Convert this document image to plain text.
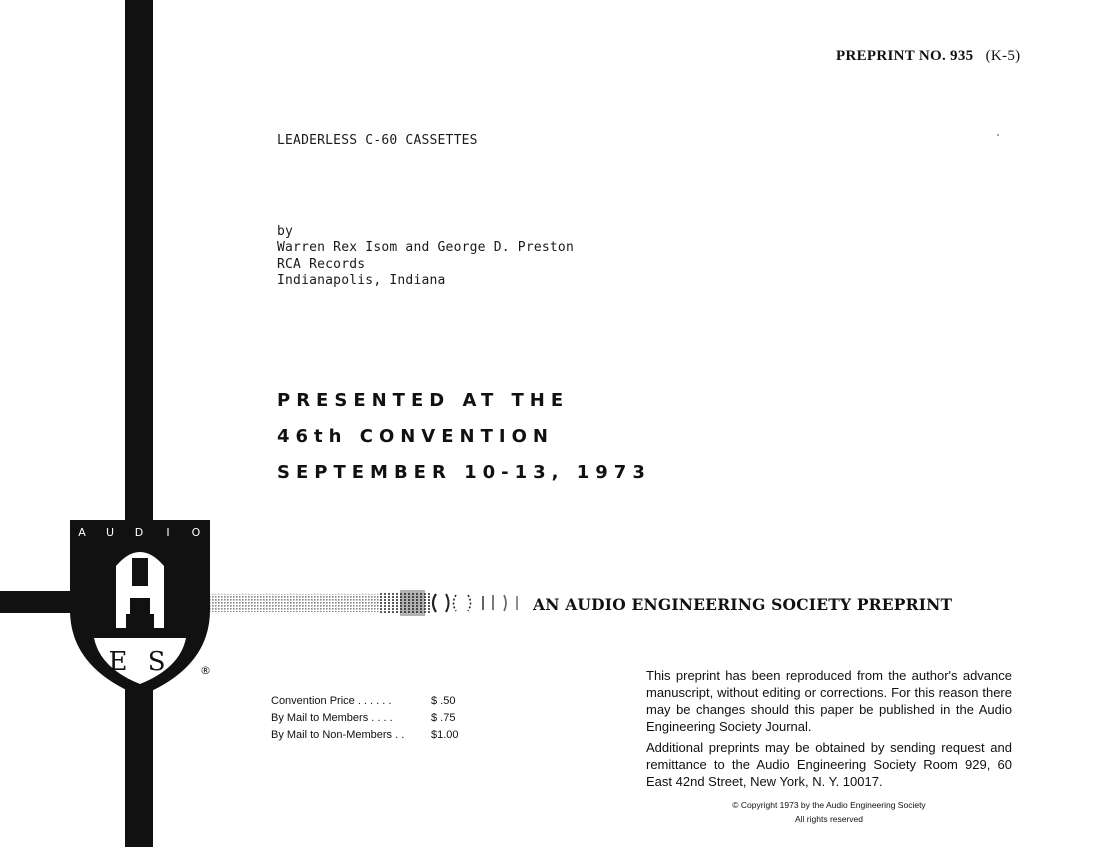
PREPRINT NO. 935 (K-5)
LEADERLESS C-60 CASSETTES
by
Warren Rex Isom and George D. Preston
RCA Records
Indianapolis, Indiana
PRESENTED AT THE
46th CONVENTION
SEPTEMBER 10-13, 1973
A U D I O
E S	®
AN AUDIO ENGINEERING SOCIETY PREPRINT
Convention Price . . . . . .	$ .50
By Mail to Members . . . .	$ .75
By Mail to Non-Members . . $1.00

This preprint has been reproduced from the author's advance manuscript, without editing or corrections. For this reason there may be changes should this paper be published in the Audio Engineering Society Journal.

Additional preprints may be obtained by sending request and remittance to the Audio Engineering Society Room 929, 60 East 42nd Street, New York, N. Y. 10017.

© Copyright 1973 by the Audio Engineering Society
All rights reserved
